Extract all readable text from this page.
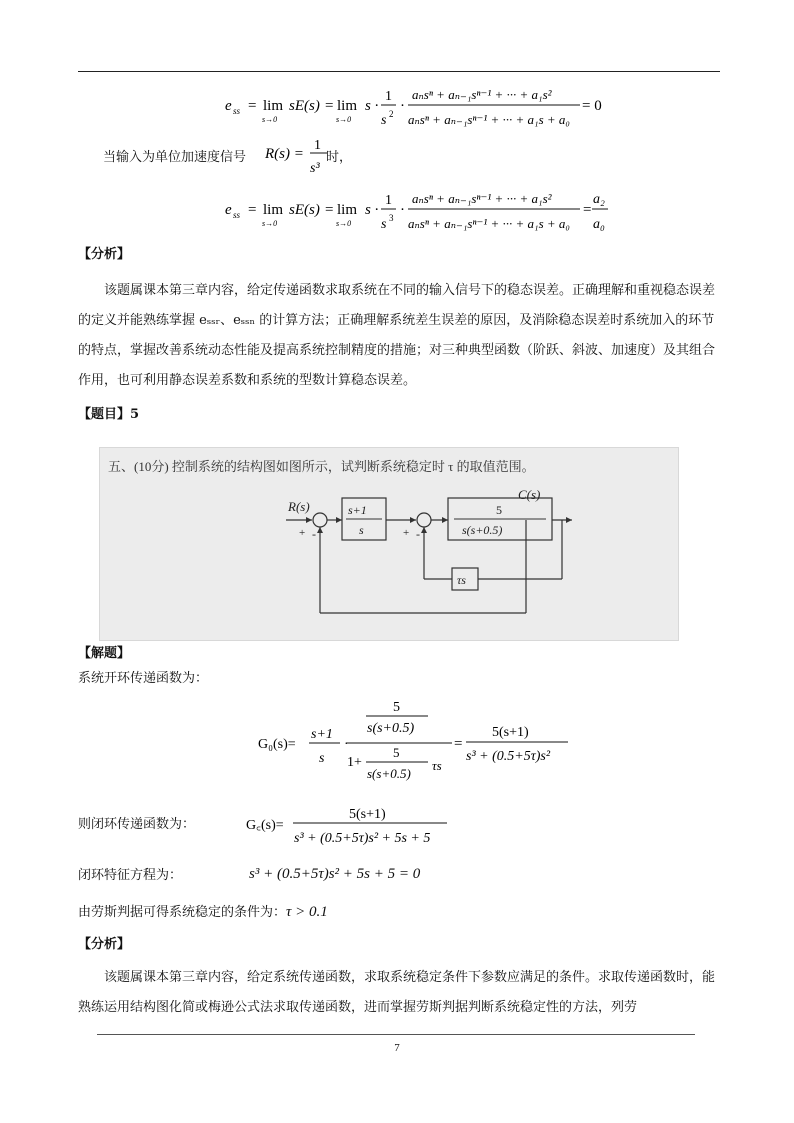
e ss = lim
s→0
sE(s) = lim
s→0
s ·
1
s 2 ·
aₙsⁿ + aₙ₋₁sⁿ⁻¹ + ··· + a₁s²
aₙsⁿ + aₙ₋₁sⁿ⁻¹ + ··· + a₁s + a₀
= 0
当输入为单位加速度信号 R(s) =
1
s³
时，
e ss = lim
s→0
sE(s) = lim
s→0
s ·
1
s 3 ·
aₙsⁿ + aₙ₋₁sⁿ⁻¹ + ··· + a₁s²
aₙsⁿ + aₙ₋₁sⁿ⁻¹ + ··· + a₁s + a₀
=
a₂
a₀
【分析】
该题属课本第三章内容，给定传递函数求取系统在不同的输入信号下的稳态误差。正确理解和重视稳态误差的定义并能熟练掌握 eₛₛᵣ、eₛₛₙ 的计算方法；正确理解系统差生误差的原因，及消除稳态误差时系统加入的环节的特点，掌握改善系统动态性能及提高系统控制精度的措施；对三种典型函数（阶跃、斜波、加速度）及其组合作用，也可利用静态误差系数和系统的型数计算稳态误差。
【题目】5
五、(10分) 控制系统的结构图如图所示，试判断系统稳定时 τ 的取值范围。
R(s)
+ -
s+1
s	+ -
5
s(s+0.5)
C(s)
τs
【解题】
系统开环传递函数为：
G₀(s)=
s+1
s
·
5
s(s+0.5)
1+
5
s(s+0.5)
τs
=
5(s+1)
s³ + (0.5+5τ)s²
则闭环传递函数为：	G꜀(s)=
5(s+1)
s³ + (0.5+5τ)s² + 5s + 5
闭环特征方程为：	s³ + (0.5+5τ)s² + 5s + 5 = 0
由劳斯判据可得系统稳定的条件为：τ > 0.1
【分析】
该题属课本第三章内容，给定系统传递函数，求取系统稳定条件下参数应满足的条件。求取传递函数时，能熟练运用结构图化简或梅逊公式法求取传递函数，进而掌握劳斯判据判断系统稳定性的方法，列劳
7
